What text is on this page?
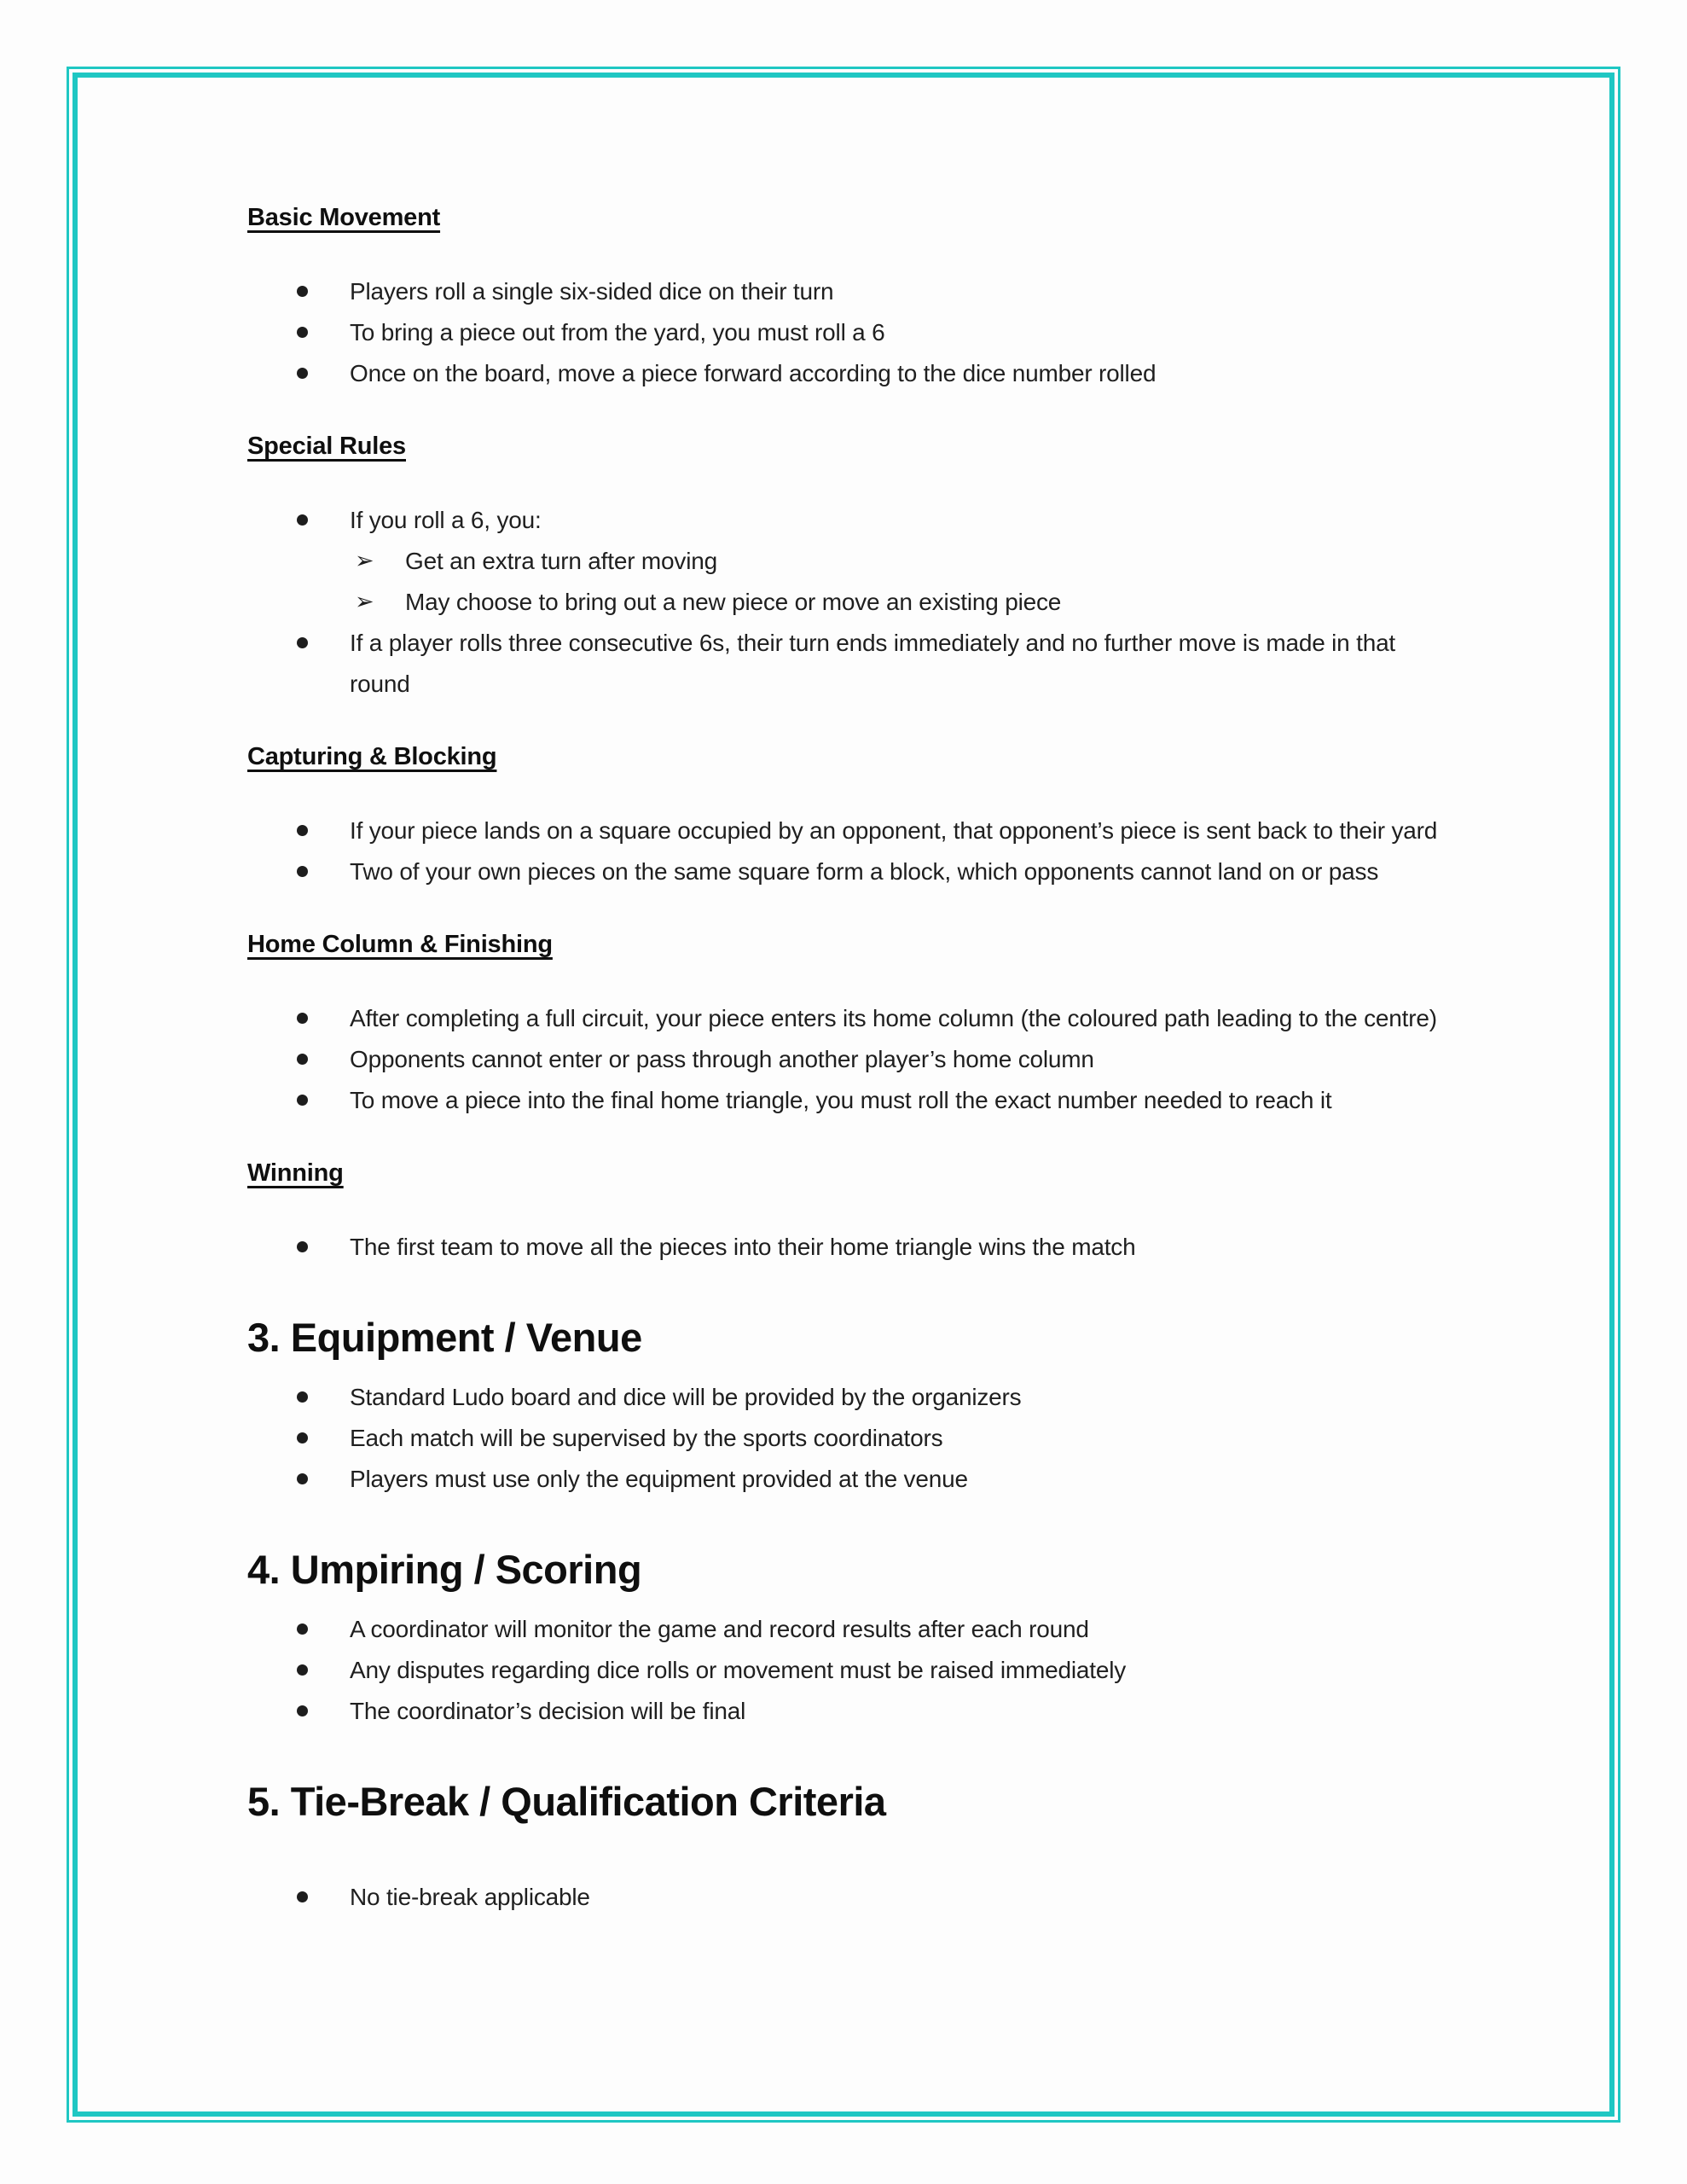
Basic Movement
Players roll a single six-sided dice on their turn
To bring a piece out from the yard, you must roll a 6
Once on the board, move a piece forward according to the dice number rolled
Special Rules
If you roll a 6, you:
➢ Get an extra turn after moving
➢ May choose to bring out a new piece or move an existing piece
If a player rolls three consecutive 6s, their turn ends immediately and no further move is made in that round
Capturing & Blocking
If your piece lands on a square occupied by an opponent, that opponent’s piece is sent back to their yard
Two of your own pieces on the same square form a block, which opponents cannot land on or pass
Home Column & Finishing
After completing a full circuit, your piece enters its home column (the coloured path leading to the centre)
Opponents cannot enter or pass through another player’s home column
To move a piece into the final home triangle, you must roll the exact number needed to reach it
Winning
The first team to move all the pieces into their home triangle wins the match
3. Equipment / Venue
Standard Ludo board and dice will be provided by the organizers
Each match will be supervised by the sports coordinators
Players must use only the equipment provided at the venue
4. Umpiring / Scoring
A coordinator will monitor the game and record results after each round
Any disputes regarding dice rolls or movement must be raised immediately
The coordinator’s decision will be final
5. Tie-Break / Qualification Criteria
No tie-break applicable
